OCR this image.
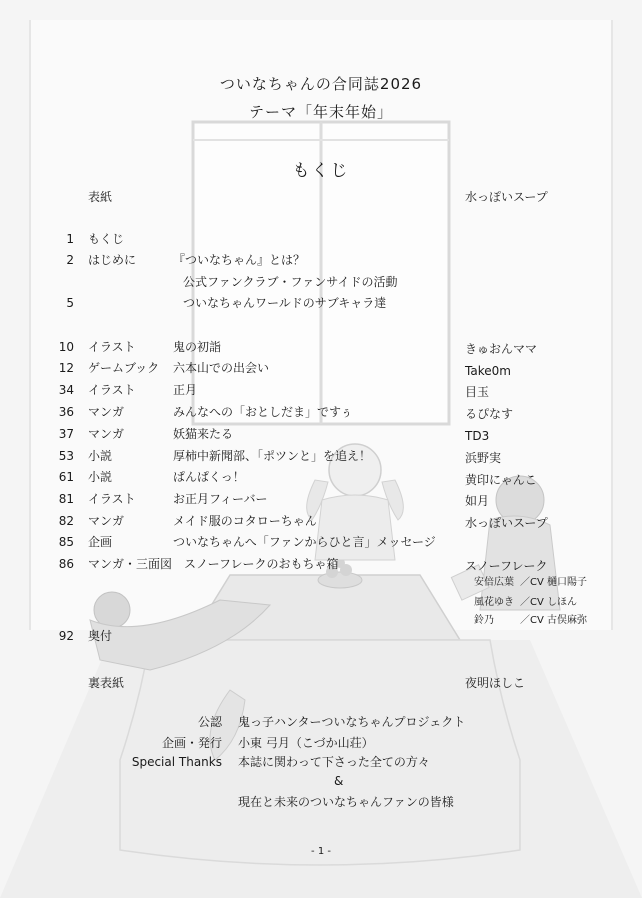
ついなちゃんの合同誌2026
テーマ「年末年始」
もくじ
表紙	水っぽいスープ
1 もくじ
2 はじめに	『ついなちゃん』とは？
公式ファンクラブ・ファンサイドの活動
5	ついなちゃんワールドのサブキャラ達
10 イラスト	鬼の初詣	きゅおんママ
12 ゲームブック 六本山での出会い	Take0m
34 イラスト	正月	目玉
36 マンガ	みんなへの「おとしだま」ですぅ	るぴなす
37 マンガ	妖猫来たる	TD3
53 小説	厚柿中新聞部、「ポツンと」を追え！	浜野実
61 小説	ぱんぱくっ！	黄印にゃんこ
81 イラスト	お正月フィーバー	如月
82 マンガ	メイド服のコタローちゃん	水っぽいスープ
85 企画	ついなちゃんへ「ファンからひと言」メッセージ
86 マンガ・三面図 スノーフレークのおもちゃ箱	スノーフレーク
安倍広葉 ／CV 樋口陽子
風花ゆき ／CV しほん
鈴乃	／CV 古俣麻弥
92 奥付
裏表紙	夜明ほしこ
公認 鬼っ子ハンターついなちゃんプロジェクト
企画・発行 小東 弓月（こづか山荘）
Special Thanks 本誌に関わって下さった全ての方々
&
現在と未来のついなちゃんファンの皆様
- 1 -
